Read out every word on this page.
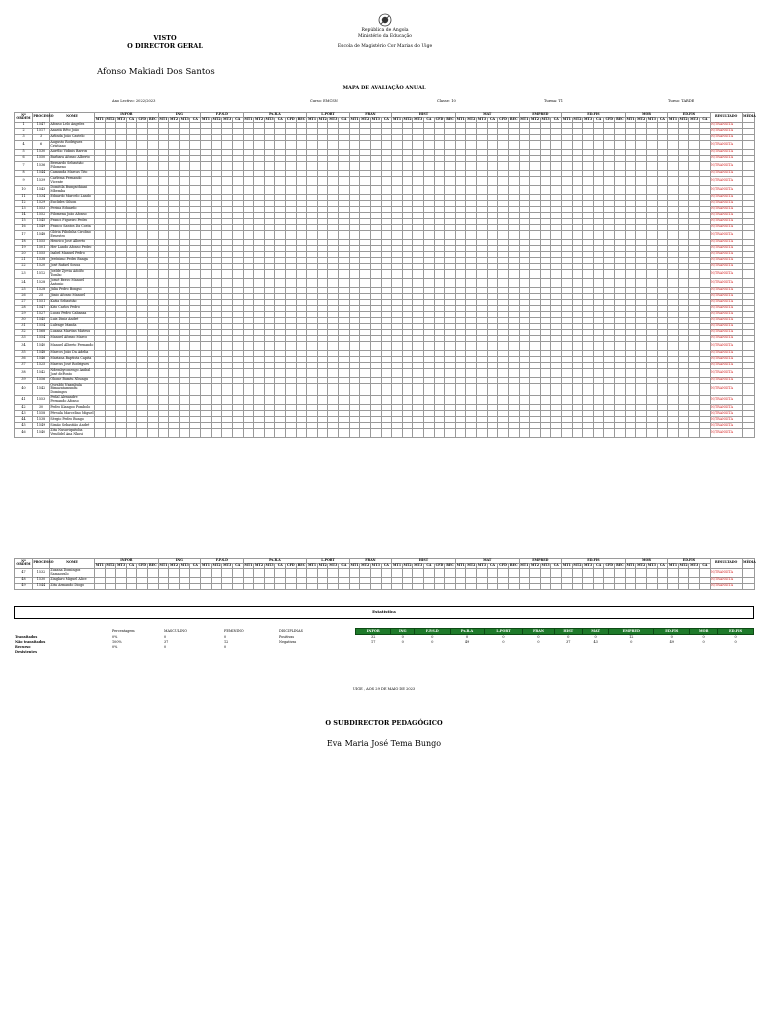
VISTO
O DIRECTOR GERAL
República de Angola
Ministério da Educação
Escola de Magistério Cor Marias do Uige
Afonso Makiadi Dos Santos
MAPA DE AVALIAÇÃO ANUAL
Ano Lectivo: 2022/2023	Curso: EMCSN	Classe: 10	Turma: T1	Turno: TARDE
Nº ORDEM	PROCESSO	NOME	INFOR						ING				F.P.S.D				Ps.R.A						L.PORT				FRAN				HIST						MAT						EMPRED				ED.FIS						MOR				ED.FIS				RESULTADO	MÉDIA
			MT1	MT2	MT3	CA	CFD	REC	MT1	MT2	MT3	CA	MT1	MT2	MT3	CA	MT1	MT2	MT3	CA	CFD	REC	MT1	MT2	MT3	CA	MT1	MT2	MT3	CA	MT1	MT2	MT3	CA	CFD	REC	MT1	MT2	MT3	CA	CFD	REC	MT1	MT2	MT3	CA	MT1	MT2	MT3	CA	CFD	REC	MT1	MT2	MT3	CA	MT1	MT2	MT3	CA		
1	1547	Afonso Lelo Angeles																																																											N/TRANSITA	
2	1517	Anastá Rêto João																																																											N/TRANSITA	
3	3	Arlinda João Castelo																																																											N/TRANSITA	
4	6	Augusto Rodrigues Cristiano																																																											N/TRANSITA	
5	1530	Aurélio Vidinis Barros																																																											N/TRANSITA	
6	1550	Barbara Afonso Alberto																																																											N/TRANSITA	
7	1536	Bernardo Sebastião Filomeno																																																											N/TRANSITA	
8	1544	Camunda Marcas Tito																																																											N/TRANSITA	
9	1539	Carlema Fernando Vicente																																																											N/TRANSITA	
10	1543	Domitila Bumputhiani Mbemba																																																											N/TRANSITA	
11	1534	Eduardo Marcelo Lando																																																											N/TRANSITA	
12	1529	Euclides Gilson																																																											N/TRANSITA	
13	1553	Ferina Eduardo																																																											N/TRANSITA	
14	1552	Filomena João Afonso																																																											N/TRANSITA	
15	1545	Franci Figueiro Pedro																																																											N/TRANSITA	
16	1549	Franco Santos Da Costa																																																											N/TRANSITA	
17	1548	Glória Filiolnha Cirolino Ernestro																																																											N/TRANSITA	
18	1555	Henrico José Alberto																																																											N/TRANSITA	
19	1501	Her Lando Afonso Pedro																																																											N/TRANSITA	
20	1555	Isabel Manuel Pedro																																																											N/TRANSITA	
21	1538	Jerónimo Pedro Banga																																																											N/TRANSITA	
22	1520	José Rafael Sousa																																																											N/TRANSITA	
23	1512	Joelde Zjevia Adolfo Tombo																																																											N/TRANSITA	
24	1528	Josué Bravo Manuel Antonio																																																											N/TRANSITA	
25	1528	Júlia Pedro Bongui																																																											N/TRANSITA	
26	25	Júnio Afonso Manuel																																																											N/TRANSITA	
27	1551	Katia Sebastião																																																											N/TRANSITA	
28	1547	Kito Carlos Pedro																																																											N/TRANSITA	
29	1527	Lucas Pedro Cabanza																																																											N/TRANSITA	
30	1545	Luis Diniz André																																																											N/TRANSITA	
31	1554	Lulenge Manda																																																											N/TRANSITA	
32	1568	Luzana Martins Mateus																																																											N/TRANSITA	
33	1554	Manuel Afonso Marco																																																											N/TRANSITA	
34	1540	Manuel Alberto Fernando																																																											N/TRANSITA	
35	1548	Marcos João Da Adelia																																																											N/TRANSITA	
36	1546	Mariana Baptista Capita																																																											N/TRANSITA	
37	1525	Marcus José Rodrigues																																																											N/TRANSITA	
38	1542	Ndembyconengo Anibal José deFonto																																																											N/TRANSITA	
39	1556	Ohone Bumtu Nbungu																																																											N/TRANSITA	
40	1542	Osvaldo Nzambula Bimazatamundu Domingos																																																											N/TRANSITA	
41	1553	Pedal Alexandre Fernando Afonso																																																											N/TRANSITA	
42	30	Pedro Kiangoo Pombolo																																																											N/TRANSITA	
43	1558	Pérsula Marcelino Miguel																																																											N/TRANSITA	
44	1538	Sérgio Pedro Bungo																																																											N/TRANSITA	
45	1549	Simão Sebastião André																																																											N/TRANSITA	
46	1540	Zita Nusuviquitoba Vendidel Ana Nkosi																																																											N/TRANSITA	
Nº ORDEM	PROCESSO	NOME	INFOR						ING				F.P.S.D				Ps.R.A						L.PORT				FRAN				HIST						MAT						EMPRED				ED.FIS						MOR				ED.FIS				RESULTADO	MÉDIA
			MT1	MT2	MT3	CA	CFD	REC	MT1	MT2	MT3	CA	MT1	MT2	MT3	CA	MT1	MT2	MT3	CA	CFD	REC	MT1	MT2	MT3	CA	MT1	MT2	MT3	CA	MT1	MT2	MT3	CA	CFD	REC	MT1	MT2	MT3	CA	CFD	REC	MT1	MT2	MT3	CA	MT1	MT2	MT3	CA	CFD	REC	MT1	MT2	MT3	CA	MT1	MT2	MT3	CA		
47	1532	Zuzana Domingos Samaovalo																																																											N/TRANSITA	
48	1530	Zinglaro Miguel Alice																																																											N/TRANSITA	
49	1544	Zita Armando Diogo																																																											N/TRANSITA	
Estatística
	Percentagem	MASCULINO	FEMININO	DISCIPLINAS	INFOR	ING	F.P.S.D	Ps.R.A	L.PORT	FRAN	HIST	MAT	EMPRED	ED.FIS	MOR	ED.FIS
Transitados	0%	0	0	Positivas	32	0	0	0	0	0	0	0	12	0	0	0
Não transitados	100%	37	12	Negativas	17	0	0	49	0	0	37	43	0	49	0	0
Recurso	0%	0	0													
Desistentes																
UIGE , AOS 29 DE MAIO DE 2023
O SUBDIRECTOR PEDAGÓGICO
Eva Maria José Tema Bungo
